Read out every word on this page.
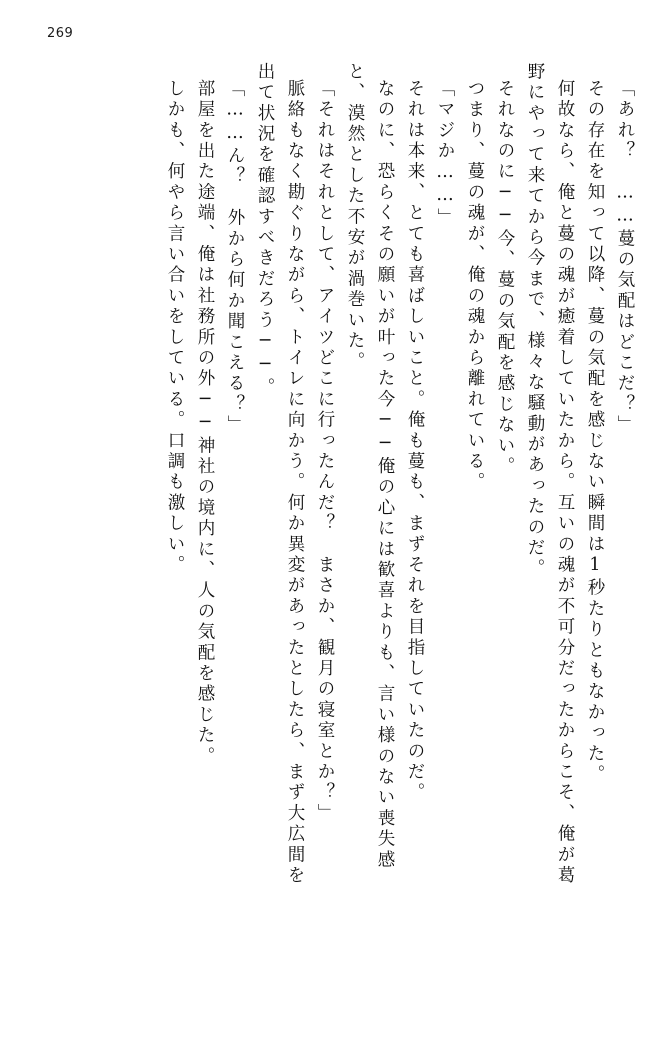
269
「あれ？　……蔓の気配はどこだ？」
その存在を知って以降、蔓の気配を感じない瞬間は1秒たりともなかった。
何故なら、俺と蔓の魂が癒着していたから。互いの魂が不可分だったからこそ、俺が葛
野にやって来てから今まで、様々な騒動があったのだ。
それなのに──今、蔓の気配を感じない。
つまり、蔓の魂が、俺の魂から離れている。
「マジか……」
それは本来、とても喜ばしいこと。俺も蔓も、まずそれを目指していたのだ。
なのに、恐らくその願いが叶った今──俺の心には歓喜よりも、言い様のない喪失感
と、漠然とした不安が渦巻いた。
「それはそれとして、アイツどこに行ったんだ？　まさか、観月の寝室とか？」
脈絡もなく勘ぐりながら、トイレに向かう。何か異変があったとしたら、まず大広間を
出て状況を確認すべきだろう──。
「……ん？　外から何か聞こえる？」
部屋を出た途端、俺は社務所の外──神社の境内に、人の気配を感じた。
しかも、何やら言い合いをしている。口調も激しい。
